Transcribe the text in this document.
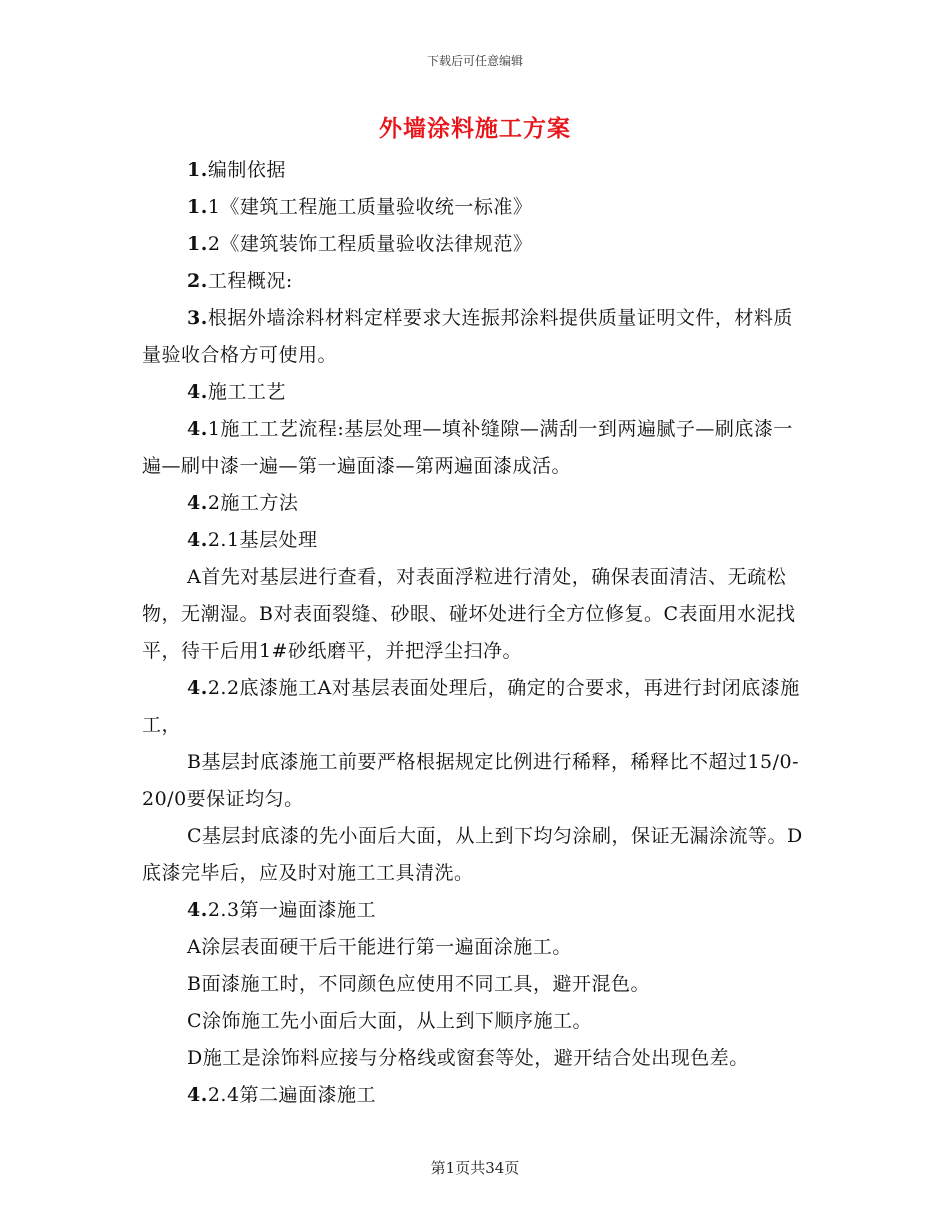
下载后可任意编辑
外墙涂料施工方案

1.编制依据

1.1《建筑工程施工质量验收统一标准》

1.2《建筑装饰工程质量验收法律规范》

2.工程概况:

3.根据外墙涂料材料定样要求大连振邦涂料提供质量证明文件，材料质量验收合格方可使用。

4.施工工艺

4.1施工工艺流程:基层处理—填补缝隙—满刮一到两遍腻子—刷底漆一遍—刷中漆一遍—第一遍面漆—第两遍面漆成活。

4.2施工方法

4.2.1基层处理

A首先对基层进行查看，对表面浮粒进行清处，确保表面清洁、无疏松物，无潮湿。B对表面裂缝、砂眼、碰坏处进行全方位修复。C表面用水泥找平，待干后用1#砂纸磨平，并把浮尘扫净。

4.2.2底漆施工A对基层表面处理后，确定的合要求，再进行封闭底漆施工，

B基层封底漆施工前要严格根据规定比例进行稀释，稀释比不超过15/0-20/0要保证均匀。

C基层封底漆的先小面后大面，从上到下均匀涂刷，保证无漏涂流等。D底漆完毕后，应及时对施工工具清洗。

4.2.3第一遍面漆施工

A涂层表面硬干后干能进行第一遍面涂施工。

B面漆施工时，不同颜色应使用不同工具，避开混色。

C涂饰施工先小面后大面，从上到下顺序施工。

D施工是涂饰料应接与分格线或窗套等处，避开结合处出现色差。

4.2.4第二遍面漆施工

第1页共34页
